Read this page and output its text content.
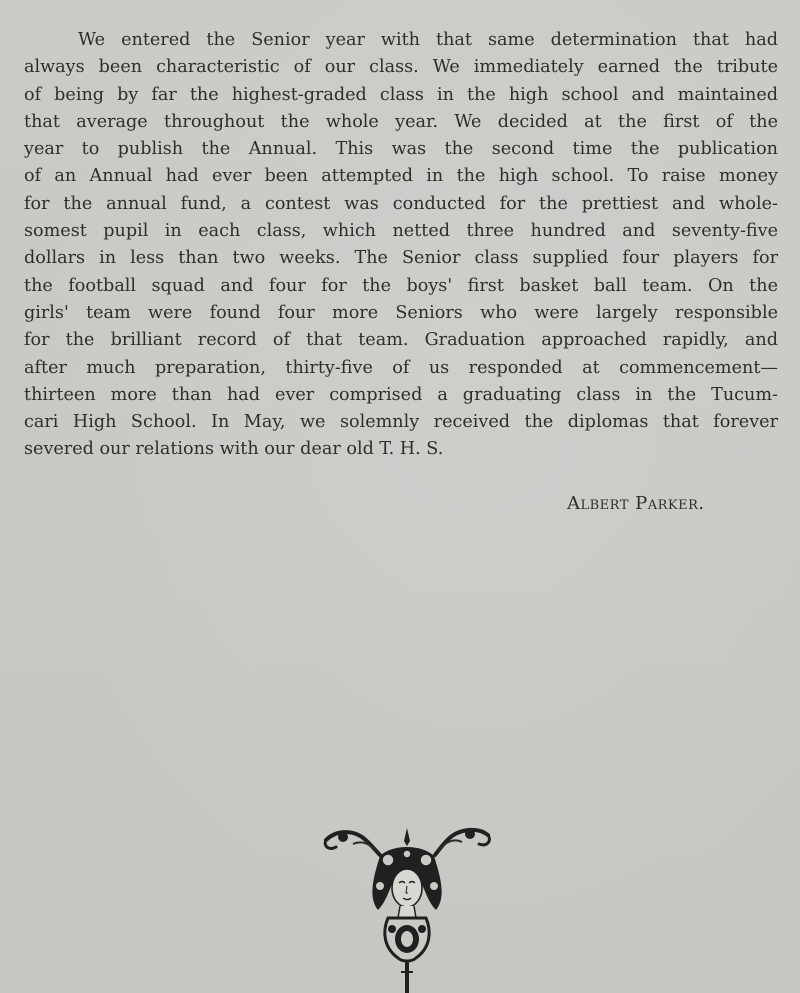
We entered the Senior year with that same determination that had
always been characteristic of our class. We immediately earned the tribute
of being by far the highest-graded class in the high school and maintained
that average throughout the whole year. We decided at the first of the
year to publish the Annual. This was the second time the publication
of an Annual had ever been attempted in the high school. To raise money
for the annual fund, a contest was conducted for the prettiest and whole-
somest pupil in each class, which netted three hundred and seventy-five
dollars in less than two weeks. The Senior class supplied four players for
the football squad and four for the boys' first basket ball team. On the
girls' team were found four more Seniors who were largely responsible
for the brilliant record of that team. Graduation approached rapidly, and
after much preparation, thirty-five of us responded at commencement—
thirteen more than had ever comprised a graduating class in the Tucum-
cari High School. In May, we solemnly received the diplomas that forever
severed our relations with our dear old T. H. S.
Albert Parker.
